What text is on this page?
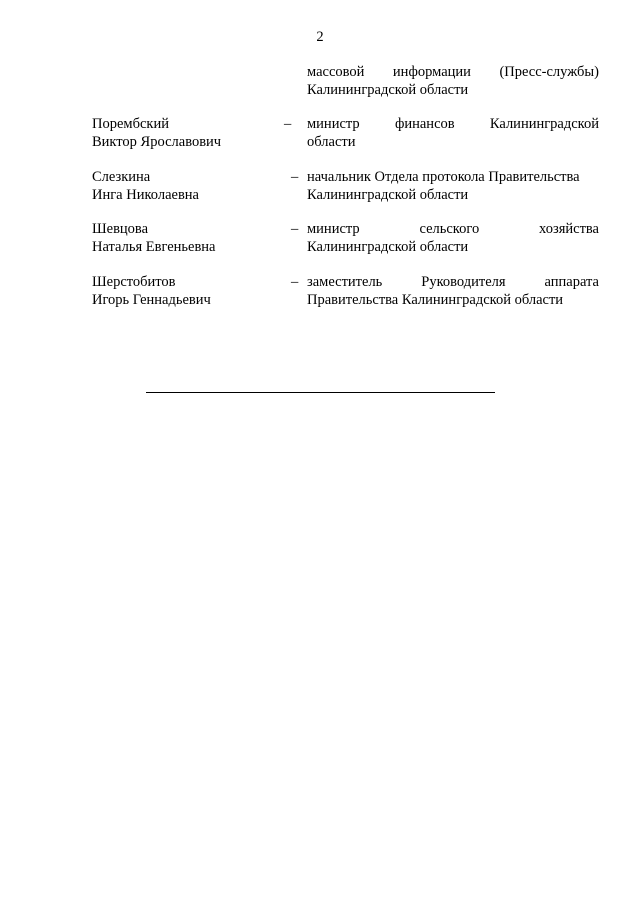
2
массовой информации (Пресс-службы)
Калининградской области
Порембский
Виктор Ярославович
– министр финансов Калининградской
области
Слезкина
Инга Николаевна
– начальник Отдела протокола Правительства
Калининградской области
Шевцова
Наталья Евгеньевна
– министр сельского хозяйства
Калининградской области
Шерстобитов
Игорь Геннадьевич
– заместитель Руководителя аппарата
Правительства Калининградской области
